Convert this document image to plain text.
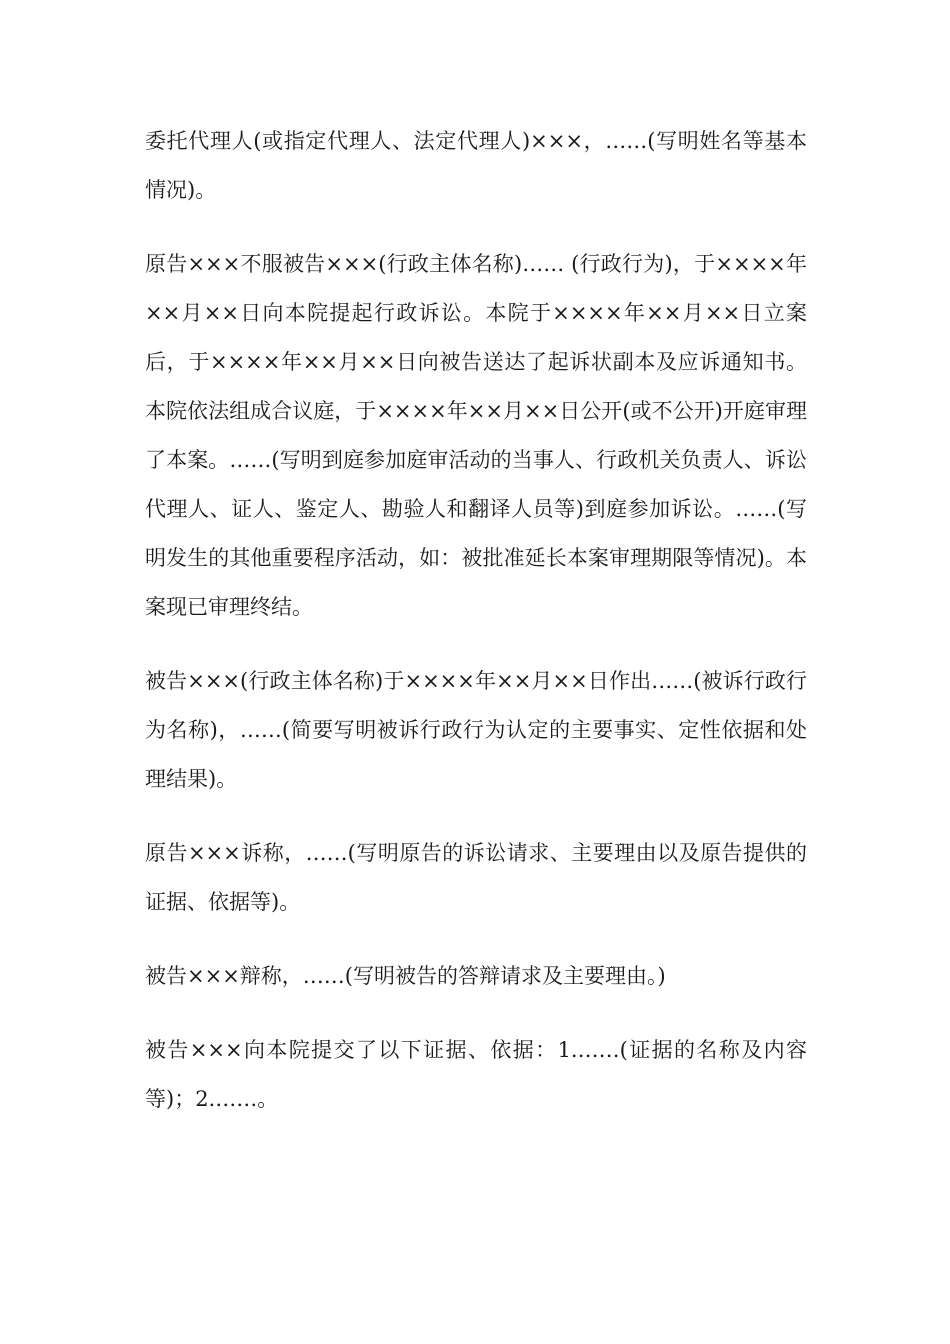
委托代理人(或指定代理人、法定代理人)×××，……(写明姓名等基本情况)。

原告×××不服被告×××(行政主体名称)…… (行政行为)，于××××年××月××日向本院提起行政诉讼。本院于××××年××月××日立案后，于××××年××月××日向被告送达了起诉状副本及应诉通知书。本院依法组成合议庭，于××××年××月××日公开(或不公开)开庭审理了本案。……(写明到庭参加庭审活动的当事人、行政机关负责人、诉讼代理人、证人、鉴定人、勘验人和翻译人员等)到庭参加诉讼。……(写明发生的其他重要程序活动，如：被批准延长本案审理期限等情况)。本案现已审理终结。

被告×××(行政主体名称)于××××年××月××日作出……(被诉行政行为名称)，……(简要写明被诉行政行为认定的主要事实、定性依据和处理结果)。

原告×××诉称，……(写明原告的诉讼请求、主要理由以及原告提供的证据、依据等)。

被告×××辩称，……(写明被告的答辩请求及主要理由。)

被告×××向本院提交了以下证据、依据：1.……(证据的名称及内容等)；2.……。
